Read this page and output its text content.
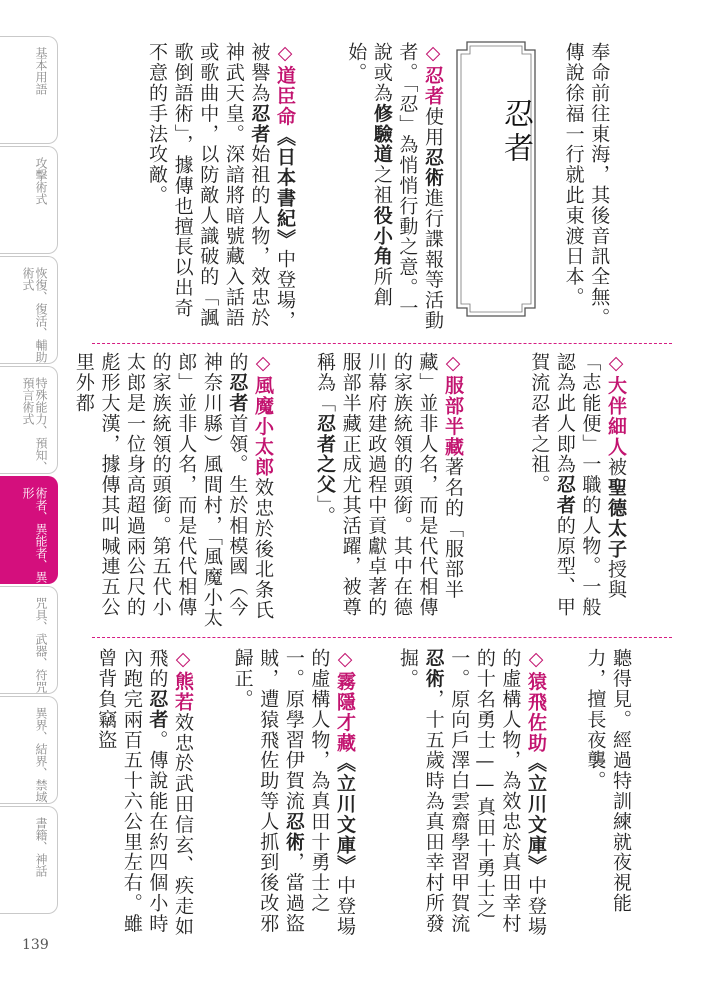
基本用語
攻擊術式
恢復、復活、輔助術式
特殊能力、預知、預言術式
術者、異能者、異形
咒具、武器、符咒
異界、結界、禁域
書籍、神話
139
奉命前往東海，其後音訊全無。傳說徐福一行就此東渡日本。
忍者
◇忍者使用忍術進行諜報等活動者。「忍」為悄悄行動之意。一說或為修驗道之祖役小角所創始。
◇道臣命《日本書紀》中登場，被譽為忍者始祖的人物，效忠於神武天皇。深諳將暗號藏入話語或歌曲中，以防敵人識破的「諷歌倒語術」，據傳也擅長以出奇不意的手法攻敵。
◇大伴細人被聖德太子授與「志能便」一職的人物。一般認為此人即為忍者的原型、甲賀流忍者之祖。
◇服部半藏著名的「服部半藏」並非人名，而是代代相傳的家族統領的頭銜。其中在德川幕府建政過程中貢獻卓著的服部半藏正成尤其活躍，被尊稱為「忍者之父」。
◇風魔小太郎效忠於後北条氏的忍者首領。生於相模國（今神奈川縣）風間村，「風魔小太郎」並非人名，而是代代相傳的家族統領的頭銜。第五代小太郎是一位身高超過兩公尺的彪形大漢，據傳其叫喊連五公里外都
聽得見。經過特訓練就夜視能力，擅長夜襲。
◇猿飛佐助《立川文庫》中登場的虛構人物，為效忠於真田幸村的十名勇士——真田十勇士之一。原向戶澤白雲齋學習甲賀流忍術，十五歲時為真田幸村所發掘。
◇霧隱才藏《立川文庫》中登場的虛構人物，為真田十勇士之一。原學習伊賀流忍術，當過盜賊，遭猿飛佐助等人抓到後改邪歸正。
◇熊若效忠於武田信玄、疾走如飛的忍者。傳說能在約四個小時內跑完兩百五十六公里左右。雖曾背負竊盜
